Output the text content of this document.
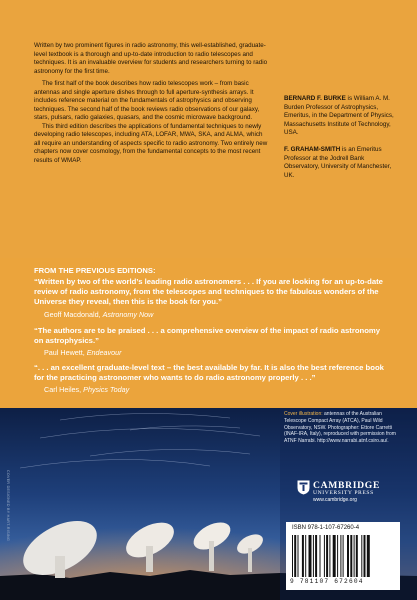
Written by two prominent figures in radio astronomy, this well-established, graduate-level textbook is a thorough and up-to-date introduction to radio telescopes and techniques. It is an invaluable overview for students and researchers turning to radio astronomy for the first time.

The first half of the book describes how radio telescopes work – from basic antennas and single aperture dishes through to full aperture-synthesis arrays. It includes reference material on the fundamentals of astrophysics and observing techniques. The second half of the book reviews radio observations of our galaxy, stars, pulsars, radio galaxies, quasars, and the cosmic microwave background.

This third edition describes the applications of fundamental techniques to newly developing radio telescopes, including ATA, LOFAR, MWA, SKA, and ALMA, which all require an understanding of aspects specific to radio astronomy. Two entirely new chapters now cover cosmology, from the fundamental concepts to the most recent results of WMAP.

BERNARD F. BURKE is William A. M. Burden Professor of Astrophysics, Emeritus, in the Department of Physics, Massachusetts Institute of Technology, USA.
F. GRAHAM-SMITH is an Emeritus Professor at the Jodrell Bank Observatory, University of Manchester, UK.
FROM THE PREVIOUS EDITIONS:
“Written by two of the world’s leading radio astronomers . . . If you are looking for an up-to-date review of radio astronomy, from the telescopes and techniques to the fabulous wonders of the Universe they reveal, then this is the book for you.”
Geoff Macdonald, Astronomy Now
“The authors are to be praised . . . a comprehensive overview of the impact of radio astronomy on astrophysics.”
Paul Hewett, Endeavour
“. . . an excellent graduate-level text – the best available by far. It is also the best reference book for the practicing astronomer who wants to do radio astronomy properly . . .”
Carl Heiles, Physics Today
COVER DESIGNED BY HART-RISING
Cover illustration: antennas of the Australian Telescope Compact Array (ATCA), Paul Wild Observatory, NSW. Photographer: Ettore Carretti (INAF-IRA, Italy), reproduced with permission from ATNF Narrabi. http://www.narrabi.atnf.csiro.au/.
CAMBRIDGE
UNIVERSITY PRESS
www.cambridge.org
ISBN 978-1-107-67260-4
9 781107 672604
